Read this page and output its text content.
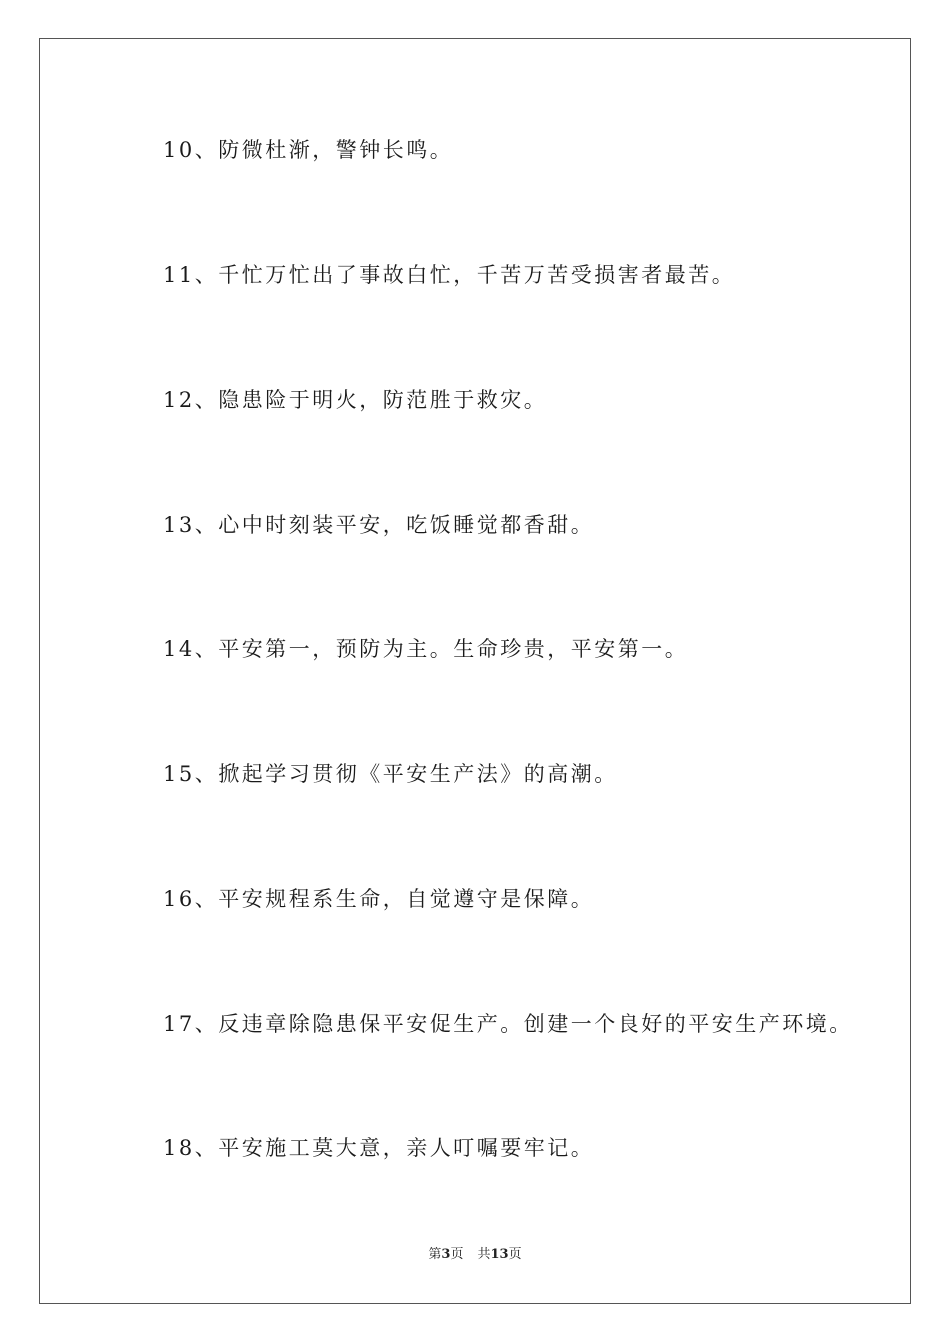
10、防微杜渐，警钟长鸣。
11、千忙万忙出了事故白忙，千苦万苦受损害者最苦。
12、隐患险于明火，防范胜于救灾。
13、心中时刻装平安，吃饭睡觉都香甜。
14、平安第一，预防为主。生命珍贵，平安第一。
15、掀起学习贯彻《平安生产法》的高潮。
16、平安规程系生命，自觉遵守是保障。
17、反违章除隐患保平安促生产。创建一个良好的平安生产环境。
18、平安施工莫大意，亲人叮嘱要牢记。
第3页 共13页
